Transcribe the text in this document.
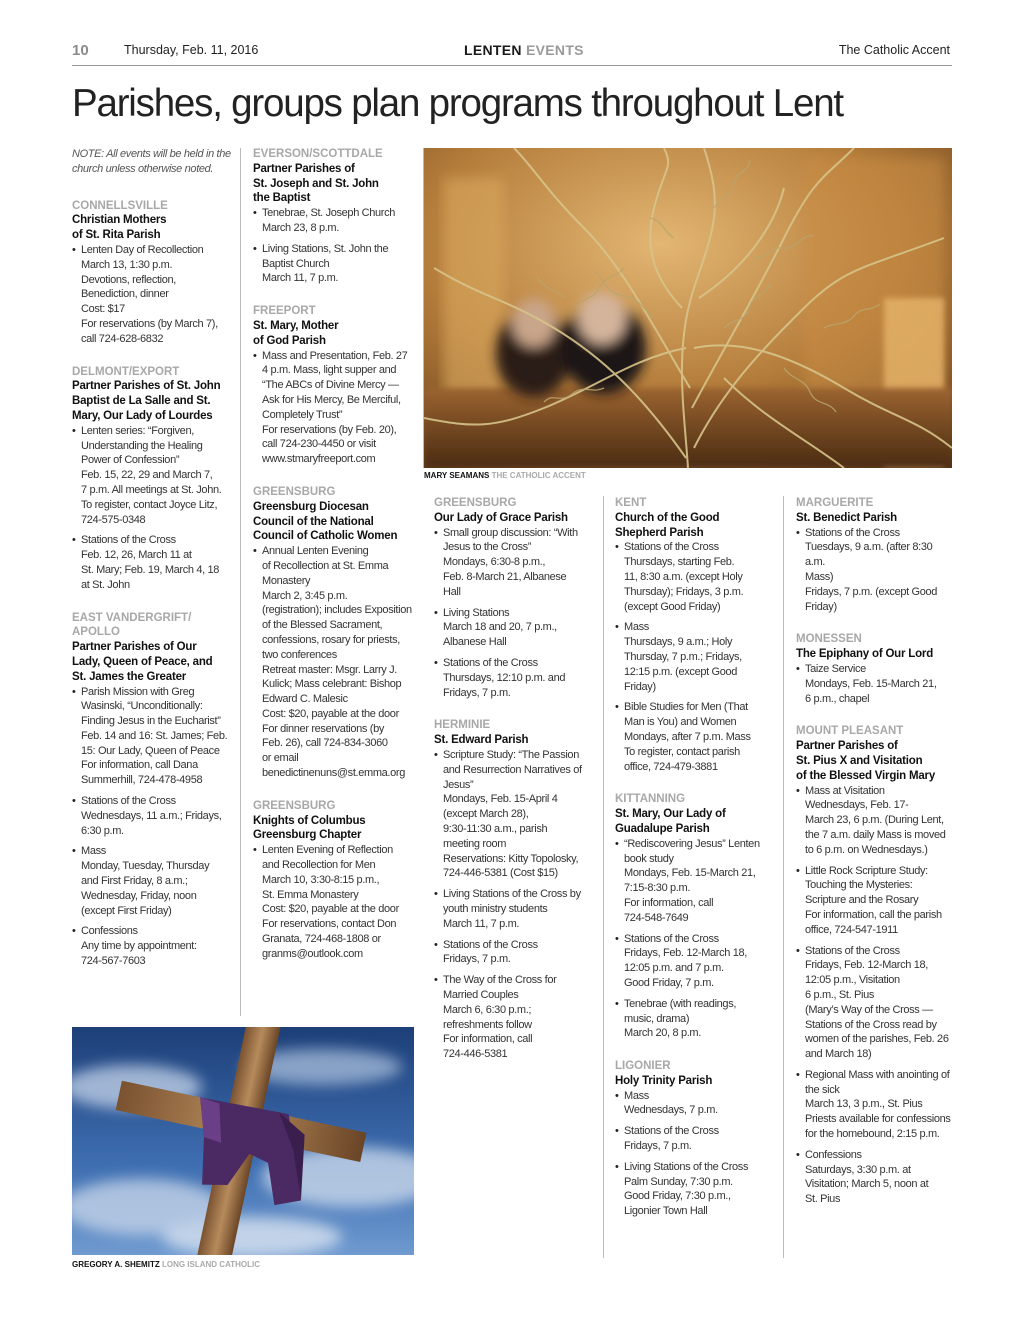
10	Thursday, Feb. 11, 2016	LENTEN EVENTS	The Catholic Accent
Parishes, groups plan programs throughout Lent
NOTE: All events will be held in the church unless otherwise noted.
CONNELLSVILLE
Christian Mothers
of St. Rita Parish
• Lenten Day of Recollection
March 13, 1:30 p.m.
Devotions, reflection,
Benediction, dinner
Cost: $17
For reservations (by March 7),
call 724-628-6832
DELMONT/EXPORT
Partner Parishes of St. John
Baptist de La Salle and St.
Mary, Our Lady of Lourdes
• Lenten series: “Forgiven,
Understanding the Healing
Power of Confession”
Feb. 15, 22, 29 and March 7,
7 p.m. All meetings at St. John.
To register, contact Joyce Litz,
724-575-0348
• Stations of the Cross
Feb. 12, 26, March 11 at
St. Mary; Feb. 19, March 4, 18
at St. John
EAST VANDERGRIFT/
APOLLO
Partner Parishes of Our
Lady, Queen of Peace, and
St. James the Greater
• Parish Mission with Greg
Wasinski, “Unconditionally:
Finding Jesus in the Eucharist”
Feb. 14 and 16: St. James; Feb.
15: Our Lady, Queen of Peace
For information, call Dana
Summerhill, 724-478-4958
• Stations of the Cross
Wednesdays, 11 a.m.; Fridays,
6:30 p.m.
• Mass
Monday, Tuesday, Thursday
and First Friday, 8 a.m.;
Wednesday, Friday, noon
(except First Friday)
• Confessions
Any time by appointment:
724-567-7603
EVERSON/SCOTTDALE
Partner Parishes of
St. Joseph and St. John
the Baptist
• Tenebrae, St. Joseph Church
March 23, 8 p.m.
• Living Stations, St. John the
Baptist Church
March 11, 7 p.m.
FREEPORT
St. Mary, Mother
of God Parish
• Mass and Presentation, Feb. 27
4 p.m. Mass, light supper and
“The ABCs of Divine Mercy —
Ask for His Mercy, Be Merciful,
Completely Trust”
For reservations (by Feb. 20),
call 724-230-4450 or visit
www.stmaryfreeport.com
GREENSBURG
Greensburg Diocesan
Council of the National
Council of Catholic Women
• Annual Lenten Evening
of Recollection at St. Emma
Monastery
March 2, 3:45 p.m.
(registration); includes Exposition
of the Blessed Sacrament,
confessions, rosary for priests,
two conferences
Retreat master: Msgr. Larry J.
Kulick; Mass celebrant: Bishop
Edward C. Malesic
Cost: $20, payable at the door
For dinner reservations (by
Feb. 26), call 724-834-3060
or email
benedictinenuns@st.emma.org
GREENSBURG
Knights of Columbus
Greensburg Chapter
• Lenten Evening of Reflection
and Recollection for Men
March 10, 3:30-8:15 p.m.,
St. Emma Monastery
Cost: $20, payable at the door
For reservations, contact Don
Granata, 724-468-1808 or
granms@outlook.com
MARY SEAMANS THE CATHOLIC ACCENT
GREENSBURG
Our Lady of Grace Parish
• Small group discussion: “With
Jesus to the Cross”
Mondays, 6:30-8 p.m.,
Feb. 8-March 21, Albanese
Hall
• Living Stations
March 18 and 20, 7 p.m.,
Albanese Hall
• Stations of the Cross
Thursdays, 12:10 p.m. and
Fridays, 7 p.m.
HERMINIE
St. Edward Parish
• Scripture Study: “The Passion
and Resurrection Narratives of
Jesus”
Mondays, Feb. 15-April 4
(except March 28),
9:30-11:30 a.m., parish
meeting room
Reservations: Kitty Topolosky,
724-446-5381 (Cost $15)
• Living Stations of the Cross by
youth ministry students
March 11, 7 p.m.
• Stations of the Cross
Fridays, 7 p.m.
• The Way of the Cross for
Married Couples
March 6, 6:30 p.m.;
refreshments follow
For information, call
724-446-5381
KENT
Church of the Good
Shepherd Parish
• Stations of the Cross
Thursdays, starting Feb.
11, 8:30 a.m. (except Holy
Thursday); Fridays, 3 p.m.
(except Good Friday)
• Mass
Thursdays, 9 a.m.; Holy
Thursday, 7 p.m.; Fridays,
12:15 p.m. (except Good
Friday)
• Bible Studies for Men (That
Man is You) and Women
Mondays, after 7 p.m. Mass
To register, contact parish
office, 724-479-3881
KITTANNING
St. Mary, Our Lady of
Guadalupe Parish
• “Rediscovering Jesus” Lenten
book study
Mondays, Feb. 15-March 21,
7:15-8:30 p.m.
For information, call
724-548-7649
• Stations of the Cross
Fridays, Feb. 12-March 18,
12:05 p.m. and 7 p.m.
Good Friday, 7 p.m.
• Tenebrae (with readings,
music, drama)
March 20, 8 p.m.
LIGONIER
Holy Trinity Parish
• Mass
Wednesdays, 7 p.m.
• Stations of the Cross
Fridays, 7 p.m.
• Living Stations of the Cross
Palm Sunday, 7:30 p.m.
Good Friday, 7:30 p.m.,
Ligonier Town Hall
MARGUERITE
St. Benedict Parish
• Stations of the Cross
Tuesdays, 9 a.m. (after 8:30 a.m.
Mass)
Fridays, 7 p.m. (except Good
Friday)
MONESSEN
The Epiphany of Our Lord
• Taize Service
Mondays, Feb. 15-March 21,
6 p.m., chapel
MOUNT PLEASANT
Partner Parishes of
St. Pius X and Visitation
of the Blessed Virgin Mary
• Mass at Visitation
Wednesdays, Feb. 17-
March 23, 6 p.m. (During Lent,
the 7 a.m. daily Mass is moved
to 6 p.m. on Wednesdays.)
• Little Rock Scripture Study:
Touching the Mysteries:
Scripture and the Rosary
For information, call the parish
office, 724-547-1911
• Stations of the Cross
Fridays, Feb. 12-March 18,
12:05 p.m., Visitation
6 p.m., St. Pius
(Mary’s Way of the Cross —
Stations of the Cross read by
women of the parishes, Feb. 26
and March 18)
• Regional Mass with anointing of
the sick
March 13, 3 p.m., St. Pius
Priests available for confessions
for the homebound, 2:15 p.m.
• Confessions
Saturdays, 3:30 p.m. at
Visitation; March 5, noon at
St. Pius
GREGORY A. SHEMITZ LONG ISLAND CATHOLIC
